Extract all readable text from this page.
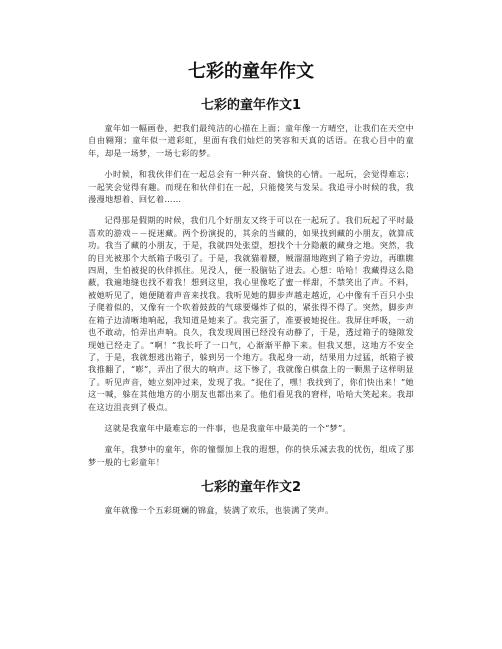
七彩的童年作文
七彩的童年作文1

童年如一幅画卷，把我们最纯洁的心描在上面；童年像一方晴空，让我们在天空中自由翱翔；童年似一道彩虹，里面有我们灿烂的笑容和天真的话语。在我心目中的童年，却是一场梦，一场七彩的梦。

小时候，和我伙伴们在一起总会有一种兴奋、愉快的心情。一起玩，会觉得难忘；一起笑会觉得有趣。而现在和伙伴们在一起，只能傻笑与发呆。我追寻小时候的我，我漫漫地想着、回忆着……

记得那是假期的时候，我们几个好朋友又终于可以在一起玩了。我们玩起了平时最喜欢的游戏－－捉迷藏。两个扮演捉的，其余的当藏的，如果找到藏的小朋友，就算成功。我当了藏的小朋友，于是，我就四处张望，想找个十分隐蔽的藏身之地。突然，我的目光被那个大纸箱子吸引了。于是，我就猫着腰，贼溜溜地跑到了箱子旁边，再瞧瞧四周，生怕被捉的伙伴抓住。见没人，便一股脑钻了进去。心想：哈哈！我藏得这么隐蔽，我遍地缝也找不着我！想到这里，我心里像吃了蜜一样甜，不禁笑出了声。不料，被她听见了，她便随着声音来找我。我听见她的脚步声越走越近，心中像有千百只小虫子爬着似的，又像有一个吹着鼓鼓的气球要爆炸了似的，紧张得不得了。突然，脚步声在箱子边清晰地响起，我知道是她来了。我完蛋了，准要被她捉住。我屏住呼吸，一动也不敢动，怕弄出声响。良久，我发现周围已经没有动静了，于是，透过箱子的缝隙发现她已经走了。“啊！”我长吁了一口气，心渐渐平静下来。但我又想，这地方不安全了，于是，我就想逃出箱子，躲到另一个地方。我起身一动，结果用力过猛，纸箱子被我推翻了，“嘭”，弄出了很大的响声。这下惨了，我就像白棋盘上的一颗黑子这样明显了。听见声音，她立刻冲过来，发现了我。“捉住了，嘿！我找到了，你们快出来！”她这一喊，躲在其他地方的小朋友也都出来了。他们看见我的窘样，哈哈大笑起来。我却在这边沮丧到了极点。

这就是我童年中最难忘的一件事，也是我童年中最美的一个“梦”。

童年，我梦中的童年，你的憧憬加上我的遐想，你的快乐减去我的忧伤，组成了那梦一般的七彩童年！

七彩的童年作文2

童年就像一个五彩斑斓的锦盒，装满了欢乐，也装满了笑声。
